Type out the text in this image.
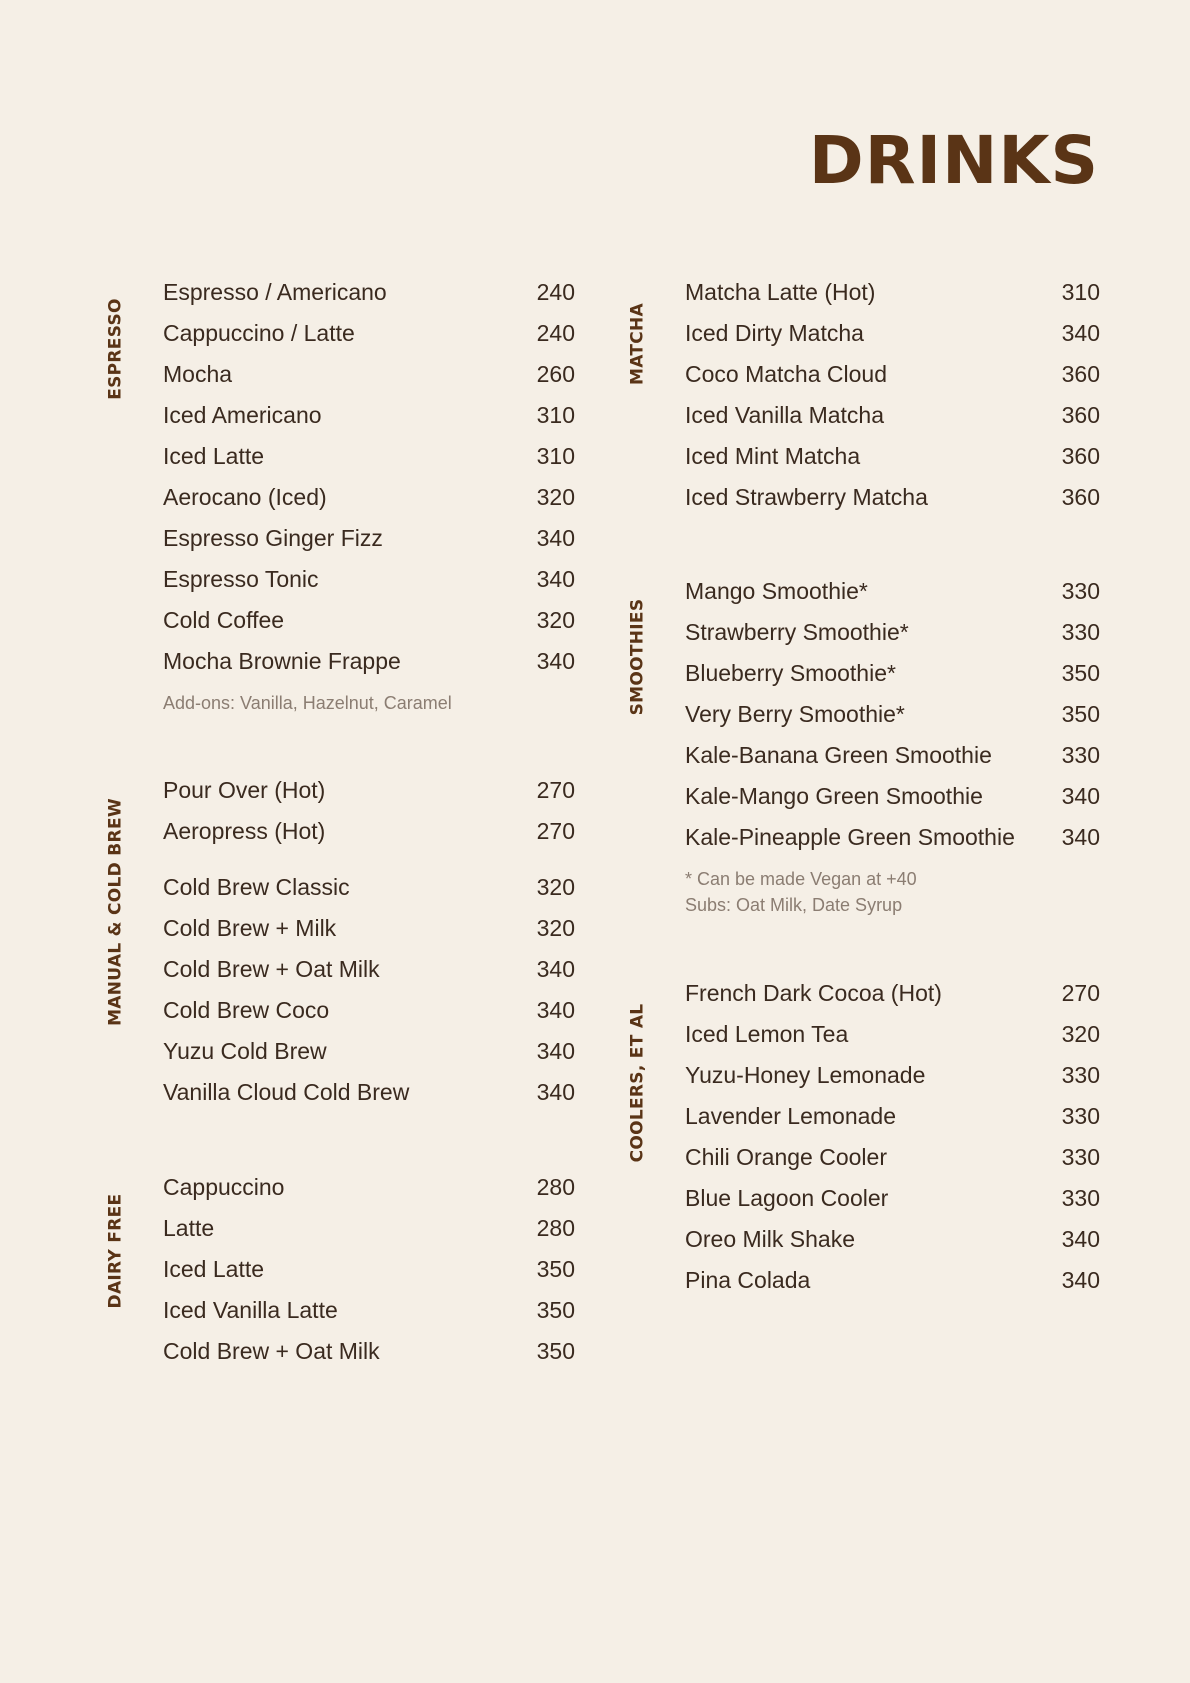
DRINKS
ESPRESSO
MANUAL & COLD BREW
DAIRY FREE
MATCHA
SMOOTHIES
COOLERS, ET AL
Espresso / Americano	240
Cappuccino / Latte	240
Mocha	260
Iced Americano	310
Iced Latte	310
Aerocano (Iced)	320
Espresso Ginger Fizz	340
Espresso Tonic	340
Cold Coffee	320
Mocha Brownie Frappe	340
Add-ons: Vanilla, Hazelnut, Caramel
Pour Over (Hot)	270
Aeropress (Hot)	270
Cold Brew Classic	320
Cold Brew + Milk	320
Cold Brew + Oat Milk	340
Cold Brew Coco	340
Yuzu Cold Brew	340
Vanilla Cloud Cold Brew	340
Cappuccino	280
Latte	280
Iced Latte	350
Iced Vanilla Latte	350
Cold Brew + Oat Milk	350
Matcha Latte (Hot)	310
Iced Dirty Matcha	340
Coco Matcha Cloud	360
Iced Vanilla Matcha	360
Iced Mint Matcha	360
Iced Strawberry Matcha	360
Mango Smoothie*	330
Strawberry Smoothie*	330
Blueberry Smoothie*	350
Very Berry Smoothie*	350
Kale-Banana Green Smoothie	330
Kale-Mango Green Smoothie	340
Kale-Pineapple Green Smoothie 340
* Can be made Vegan at +40
Subs: Oat Milk, Date Syrup
French Dark Cocoa (Hot)	270
Iced Lemon Tea	320
Yuzu-Honey Lemonade	330
Lavender Lemonade	330
Chili Orange Cooler	330
Blue Lagoon Cooler	330
Oreo Milk Shake	340
Pina Colada	340
